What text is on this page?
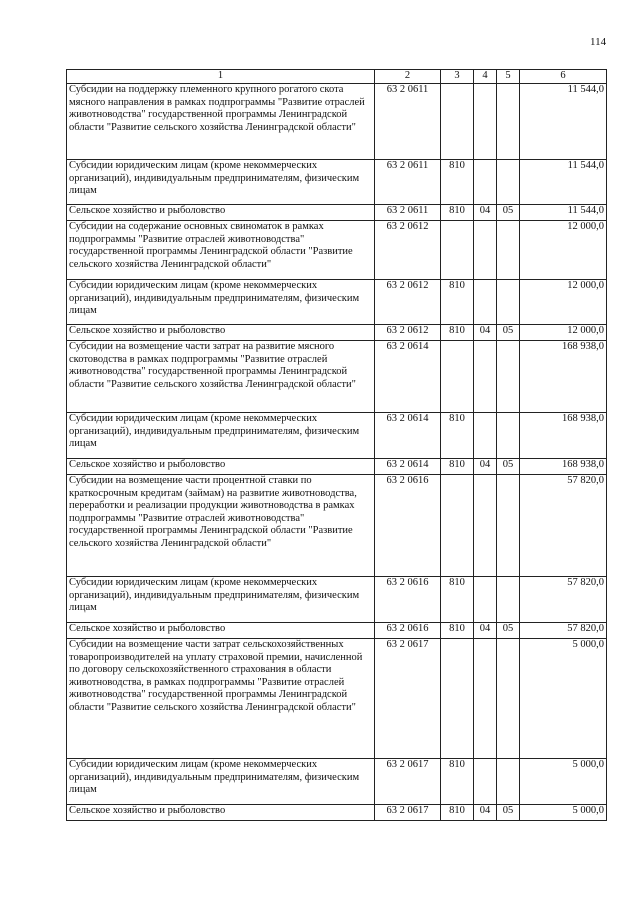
114
1	2	3	4	5	6
Субсидии на поддержку племенного крупного рогатого скота мясного направления в рамках подпрограммы "Развитие отраслей животноводства" государственной программы Ленинградской области "Развитие сельского хозяйства Ленинградской области"	63 2 0611				11 544,0
Субсидии юридическим лицам (кроме некоммерческих организаций), индивидуальным предпринимателям, физическим лицам	63 2 0611	810			11 544,0
Сельское хозяйство и рыболовство	63 2 0611	810	04	05	11 544,0
Субсидии на содержание основных свиноматок в рамках подпрограммы "Развитие отраслей животноводства" государственной программы Ленинградской области "Развитие сельского хозяйства Ленинградской области"	63 2 0612				12 000,0
Субсидии юридическим лицам (кроме некоммерческих организаций), индивидуальным предпринимателям, физическим лицам	63 2 0612	810			12 000,0
Сельское хозяйство и рыболовство	63 2 0612	810	04	05	12 000,0
Субсидии на возмещение части затрат на развитие мясного скотоводства в рамках подпрограммы "Развитие отраслей животноводства" государственной программы Ленинградской области "Развитие сельского хозяйства Ленинградской области"	63 2 0614				168 938,0
Субсидии юридическим лицам (кроме некоммерческих организаций), индивидуальным предпринимателям, физическим лицам	63 2 0614	810			168 938,0
Сельское хозяйство и рыболовство	63 2 0614	810	04	05	168 938,0
Субсидии на возмещение части процентной ставки по краткосрочным кредитам (займам) на развитие животноводства, переработки и реализации продукции животноводства в рамках подпрограммы "Развитие отраслей животноводства" государственной программы Ленинградской области "Развитие сельского хозяйства Ленинградской области"	63 2 0616				57 820,0
Субсидии юридическим лицам (кроме некоммерческих организаций), индивидуальным предпринимателям, физическим лицам	63 2 0616	810			57 820,0
Сельское хозяйство и рыболовство	63 2 0616	810	04	05	57 820,0
Субсидии на возмещение части затрат сельскохозяйственных товаропроизводителей на уплату страховой премии, начисленной по договору сельскохозяйственного страхования в области животноводства, в рамках подпрограммы "Развитие отраслей животноводства" государственной программы Ленинградской области "Развитие сельского хозяйства Ленинградской области"	63 2 0617				5 000,0
Субсидии юридическим лицам (кроме некоммерческих организаций), индивидуальным предпринимателям, физическим лицам	63 2 0617	810			5 000,0
Сельское хозяйство и рыболовство	63 2 0617	810	04	05	5 000,0
